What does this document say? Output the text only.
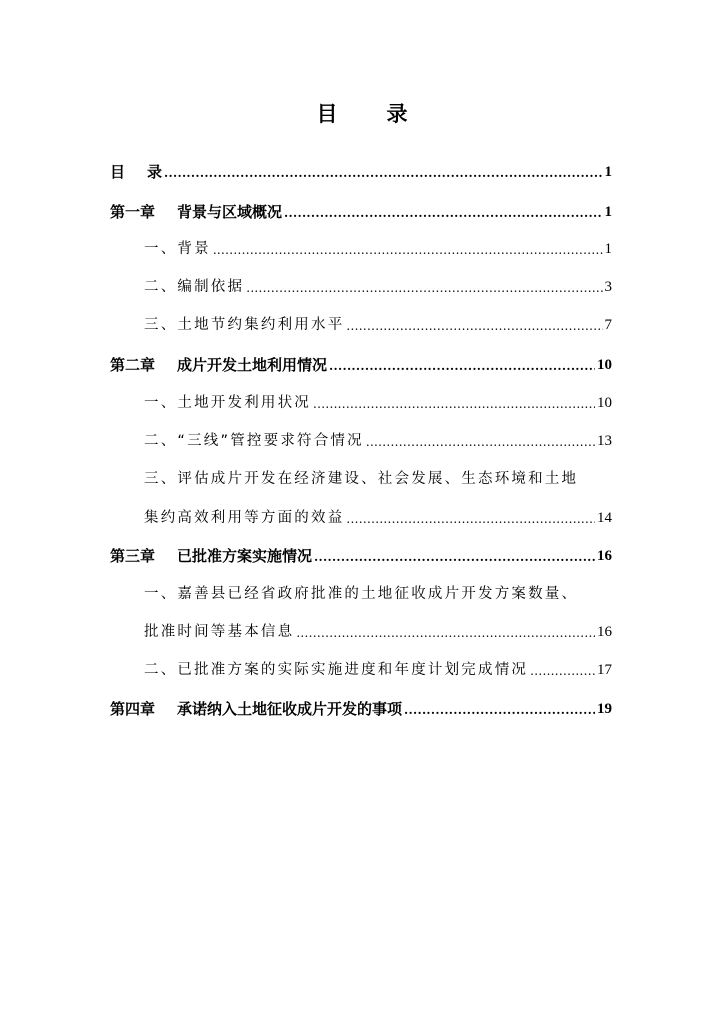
目　录
目 录 .....	1
第一章 背景与区域概况 .....	1
一、背景 .....	1
二、编制依据 .....	3
三、土地节约集约利用水平 .....	7
第二章 成片开发土地利用情况 .....	10
一、土地开发利用状况 .....	10
二、“三线”管控要求符合情况 .....	13
三、评估成片开发在经济建设、社会发展、生态环境和土地
集约高效利用等方面的效益 .....	14
第三章 已批准方案实施情况 .....	16
一、嘉善县已经省政府批准的土地征收成片开发方案数量、
批准时间等基本信息 .....	16
二、已批准方案的实际实施进度和年度计划完成情况 .....	17
第四章 承诺纳入土地征收成片开发的事项 .....	19
